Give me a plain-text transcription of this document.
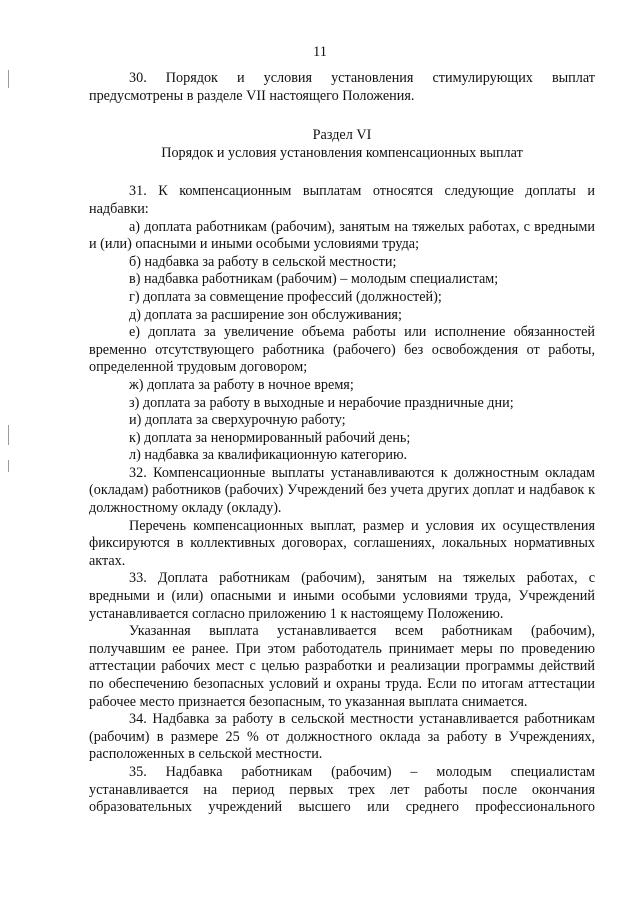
11

30. Порядок и условия установления стимулирующих выплат предусмотрены в разделе VII настоящего Положения.

Раздел VI

Порядок и условия установления компенсационных выплат

31. К компенсационным выплатам относятся следующие доплаты и надбавки:

а) доплата работникам (рабочим), занятым на тяжелых работах, с вредными и (или) опасными и иными особыми условиями труда;

б) надбавка за работу в сельской местности;

в) надбавка работникам (рабочим) – молодым специалистам;

г) доплата за совмещение профессий (должностей);

д) доплата за расширение зон обслуживания;

е) доплата за увеличение объема работы или исполнение обязанностей временно отсутствующего работника (рабочего) без освобождения от работы, определенной трудовым договором;

ж) доплата за работу в ночное время;

з) доплата за работу в выходные и нерабочие праздничные дни;

и) доплата за сверхурочную работу;

к) доплата за ненормированный рабочий день;

л) надбавка за квалификационную категорию.

32. Компенсационные выплаты устанавливаются к должностным окладам (окладам) работников (рабочих) Учреждений без учета других доплат и надбавок к должностному окладу (окладу).

Перечень компенсационных выплат, размер и условия их осуществления фиксируются в коллективных договорах, соглашениях, локальных нормативных актах.

33. Доплата работникам (рабочим), занятым на тяжелых работах, с вредными и (или) опасными и иными особыми условиями труда, Учреждений устанавливается согласно приложению 1 к настоящему Положению.

Указанная выплата устанавливается всем работникам (рабочим), получавшим ее ранее. При этом работодатель принимает меры по проведению аттестации рабочих мест с целью разработки и реализации программы действий по обеспечению безопасных условий и охраны труда. Если по итогам аттестации рабочее место признается безопасным, то указанная выплата снимается.

34. Надбавка за работу в сельской местности устанавливается работникам (рабочим) в размере 25 % от должностного оклада за работу в Учреждениях, расположенных в сельской местности.

35. Надбавка работникам (рабочим) – молодым специалистам устанавливается на период первых трех лет работы после окончания образовательных учреждений высшего или среднего профессионального
